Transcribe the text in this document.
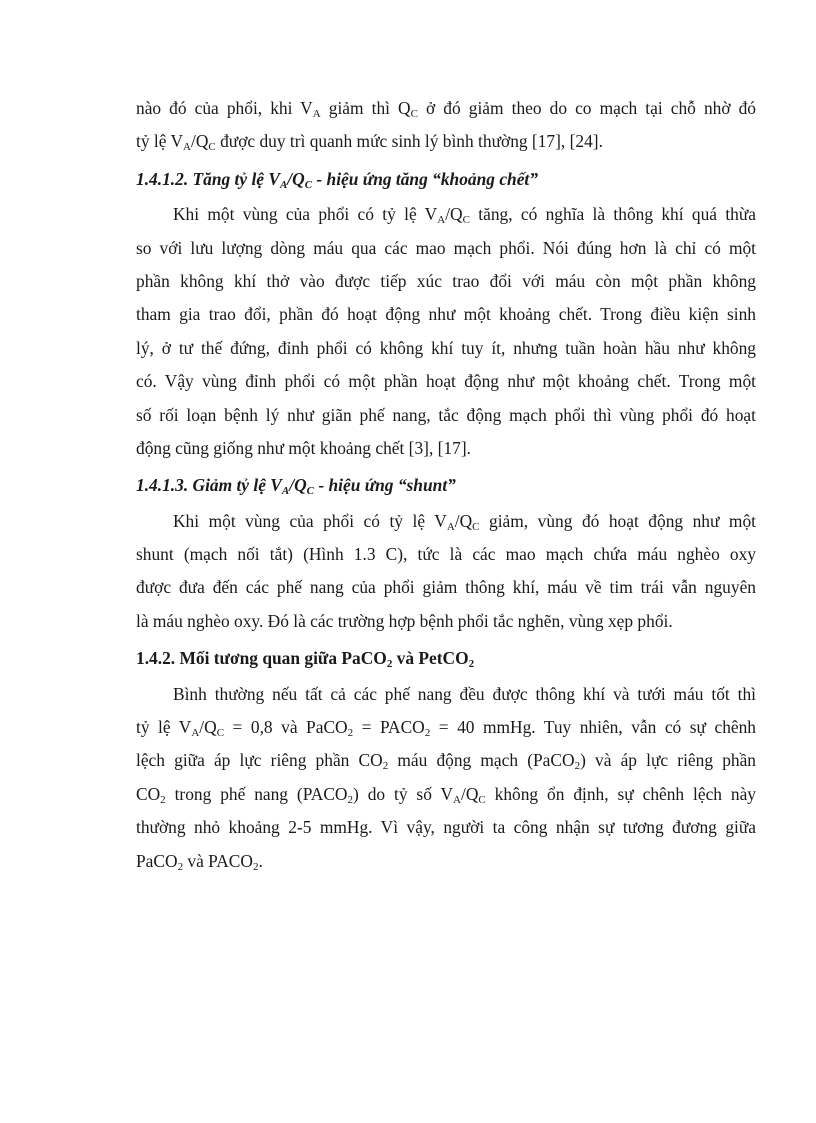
nào đó của phổi, khi $V_A$ giảm thì $Q_C$ ở đó giảm theo do co mạch tại chỗ nhờ đó
tỷ lệ $V_A/Q_C$ được duy trì quanh mức sinh lý bình thường [17], [24].
1.4.1.2. Tăng tỷ lệ $V_A/Q_C$ - hiệu ứng tăng “khoảng chết”
Khi một vùng của phổi có tỷ lệ $V_A/Q_C$ tăng, có nghĩa là thông khí quá thừa
so với lưu lượng dòng máu qua các mao mạch phổi. Nói đúng hơn là chỉ có một
phần không khí thở vào được tiếp xúc trao đổi với máu còn một phần không
tham gia trao đổi, phần đó hoạt động như một khoảng chết. Trong điều kiện sinh
lý, ở tư thế đứng, đỉnh phổi có không khí tuy ít, nhưng tuần hoàn hầu như không
có. Vậy vùng đỉnh phổi có một phần hoạt động như một khoảng chết. Trong một
số rối loạn bệnh lý như giãn phế nang, tắc động mạch phổi thì vùng phổi đó hoạt
động cũng giống như một khoảng chết [3], [17].
1.4.1.3. Giảm tỷ lệ $V_A/Q_C$ - hiệu ứng “shunt”
Khi một vùng của phổi có tỷ lệ $V_A/Q_C$ giảm, vùng đó hoạt động như một
shunt (mạch nối tắt) (Hình 1.3 C), tức là các mao mạch chứa máu nghèo oxy
được đưa đến các phế nang của phổi giảm thông khí, máu về tim trái vẫn nguyên
là máu nghèo oxy. Đó là các trường hợp bệnh phổi tắc nghẽn, vùng xẹp phổi.
1.4.2. Mối tương quan giữa PaCO$_2$ và PetCO$_2$
Bình thường nếu tất cả các phế nang đều được thông khí và tưới máu tốt thì
tỷ lệ $V_A/Q_C = 0,8$ và PaCO$_2$ = $PACO_2 = 40$ mmHg. Tuy nhiên, vẫn có sự chênh
lệch giữa áp lực riêng phần $CO_2$ máu động mạch (PaCO$_2$) và áp lực riêng phần
$CO_2$ trong phế nang $(PACO_2)$ do tỷ số $V_A/Q_C$ không ổn định, sự chênh lệch này
thường nhỏ khoảng 2-5 mmHg. Vì vậy, người ta công nhận sự tương đương giữa
PaCO$_2$ và $PACO_2$.
